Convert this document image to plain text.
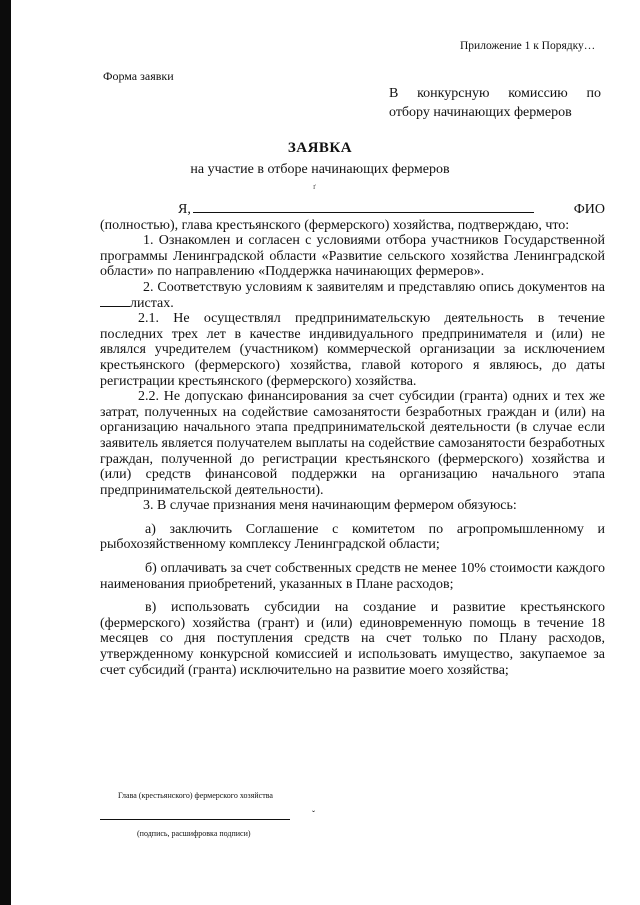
Приложение 1 к Порядку…
Форма заявки
В конкурсную комиссию по
отбору начинающих фермеров
ЗАЯВКА
на участие в отборе начинающих фермеров
ґ
Я,	ФИО

(полностью), глава крестьянского (фермерского) хозяйства, подтверждаю, что:

1. Ознакомлен и согласен с условиями отбора участников Государственной программы Ленинградской области «Развитие сельского хозяйства Ленинградской области» по направлению «Поддержка начинающих фермеров».

2. Соответствую условиям к заявителям и представляю опись документов на листах.

2.1. Не осуществлял предпринимательскую деятельность в течение последних трех лет в качестве индивидуального предпринимателя и (или) не являлся учредителем (участником) коммерческой организации за исключением крестьянского (фермерского) хозяйства, главой которого я являюсь, до даты регистрации крестьянского (фермерского) хозяйства.

2.2. Не допускаю финансирования за счет субсидии (гранта) одних и тех же затрат, полученных на содействие самозанятости безработных граждан и (или) на организацию начального этапа предпринимательской деятельности (в случае если заявитель является получателем выплаты на содействие самозанятости безработных граждан, полученной до регистрации крестьянского (фермерского) хозяйства и (или) средств финансовой поддержки на организацию начального этапа предпринимательской деятельности).

3. В случае признания меня начинающим фермером обязуюсь:

а) заключить Соглашение с комитетом по агропромышленному и рыбохозяйственному комплексу Ленинградской области;

б) оплачивать за счет собственных средств не менее 10% стоимости каждого наименования приобретений, указанных в Плане расходов;

в) использовать субсидии на создание и развитие крестьянского (фермерского) хозяйства (грант) и (или) единовременную помощь в течение 18 месяцев со дня поступления средств на счет только по Плану расходов, утвержденному конкурсной комиссией и использовать имущество, закупаемое за счет субсидий (гранта) исключительно на развитие моего хозяйства;

Глава (крестьянского) фермерского хозяйства
ˇ
(подпись, расшифровка подписи)
